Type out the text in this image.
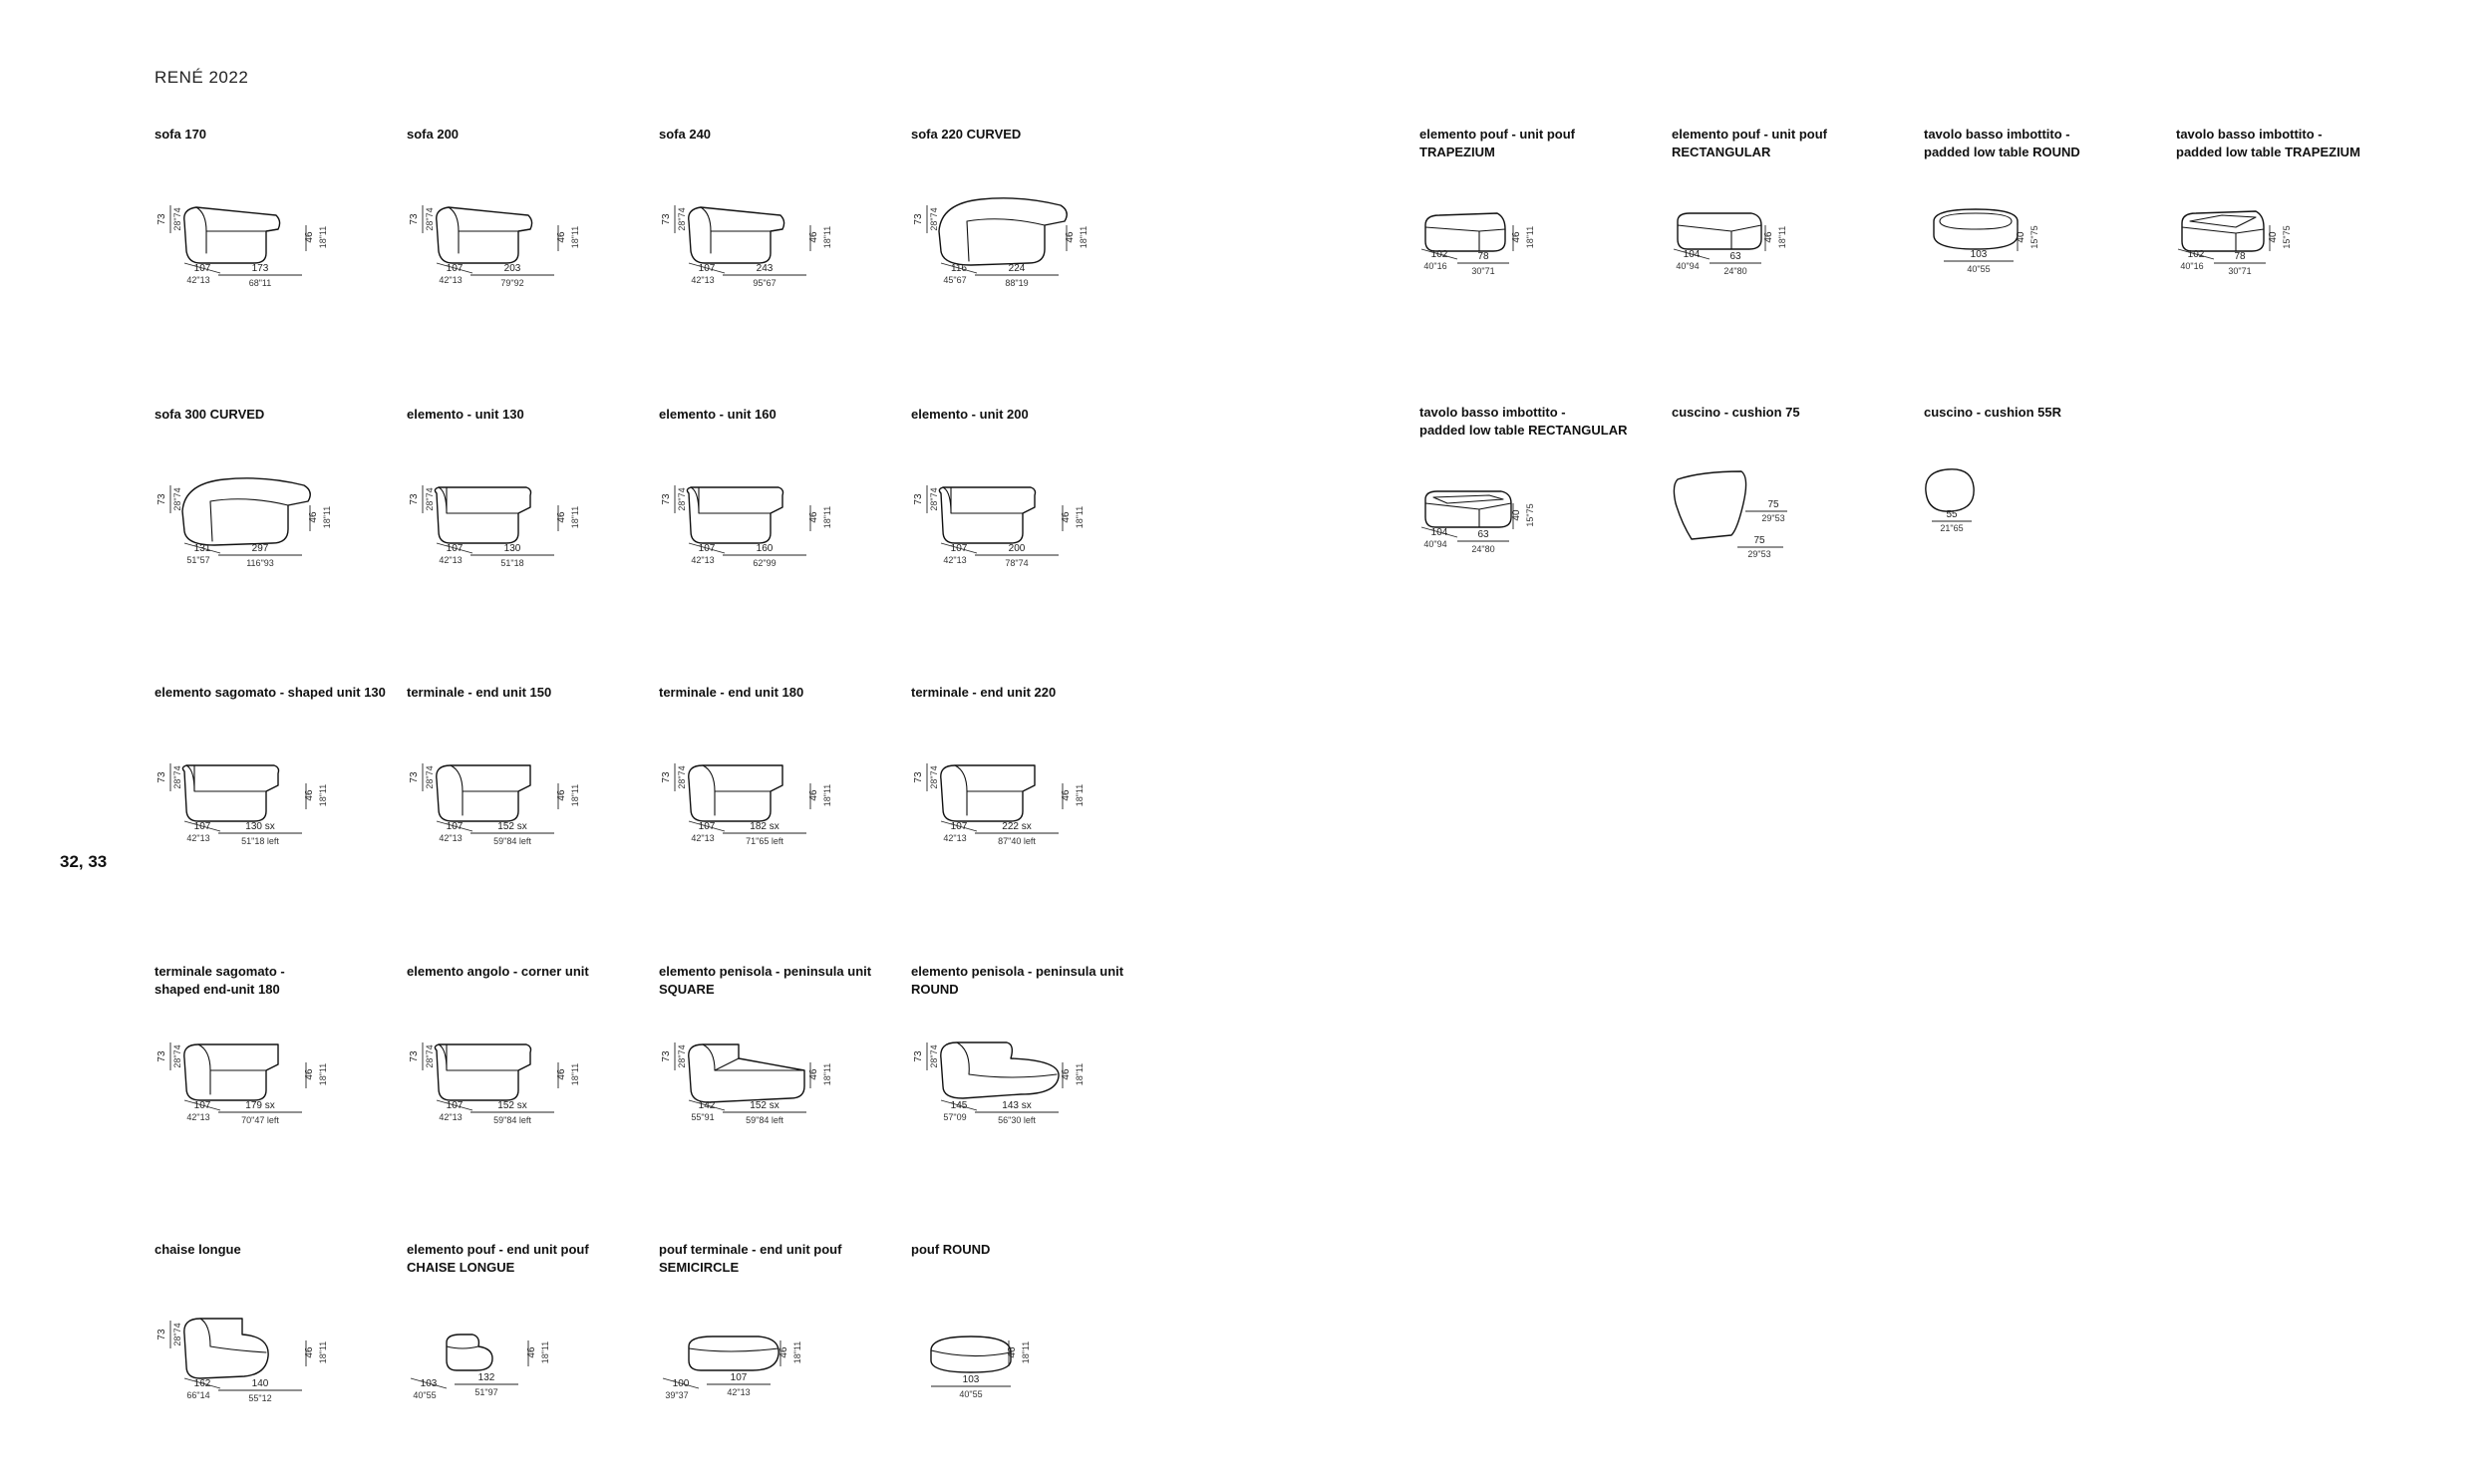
RENÉ 2022
32, 33
sofa 170
73 28"74
46 18"11
107
42"13
173
68"11
sofa 200
73 28"74
46 18"11
107
42"13
203
79"92
sofa 240
73 28"74
46 18"11
107
42"13
243
95"67
sofa 220 CURVED
73 28"74
46 18"11
116
45"67
224
88"19
sofa 300 CURVED
73 28"74
46 18"11
131
51"57
297
116"93
elemento - unit 130
73 28"74
46 18"11
107
42"13
130
51"18
elemento - unit 160
73 28"74
46 18"11
107
42"13
160
62"99
elemento - unit 200
73 28"74
46 18"11
107
42"13
200
78"74
elemento sagomato - shaped unit 130
73 28"74
46 18"11
107
42"13
130 sx
51"18 left
terminale - end unit 150
73 28"74
46 18"11
107
42"13
152 sx
59"84 left
terminale - end unit 180
73 28"74
46 18"11
107
42"13
182 sx
71"65 left
terminale - end unit 220
73 28"74
46 18"11
107
42"13
222 sx
87"40 left
terminale sagomato -
shaped end-unit 180
73 28"74
46 18"11
107
42"13
179 sx
70"47 left
elemento angolo - corner unit
73 28"74
46 18"11
107
42"13
152 sx
59"84 left
elemento penisola - peninsula unit
SQUARE
73 28"74
46 18"11
142
55"91
152 sx
59"84 left
elemento penisola - peninsula unit
ROUND
73 28"74
46 18"11
145
57"09
143 sx
56"30 left
chaise longue
73 28"74
46 18"11
162
66"14
140
55"12
elemento pouf - end unit pouf
CHAISE LONGUE
46 18"11
103
40"55
132
51"97
pouf terminale - end unit pouf
SEMICIRCLE
46 18"11
100
39"37
107
42"13
pouf ROUND
46 18"11
103
40"55
elemento pouf - unit pouf
TRAPEZIUM
46 18"11
102
40"16
78
30"71
elemento pouf - unit pouf
RECTANGULAR
46 18"11
104
40"94
63
24"80
tavolo basso imbottito -
padded low table ROUND
40 15"75
103
40"55
tavolo basso imbottito -
padded low table TRAPEZIUM
40 15"75
102
40"16
78
30"71
tavolo basso imbottito -
padded low table RECTANGULAR
40 15"75
104
40"94
63
24"80
cuscino - cushion 75
75
29"53
75
29"53
cuscino - cushion 55R
55
21"65
